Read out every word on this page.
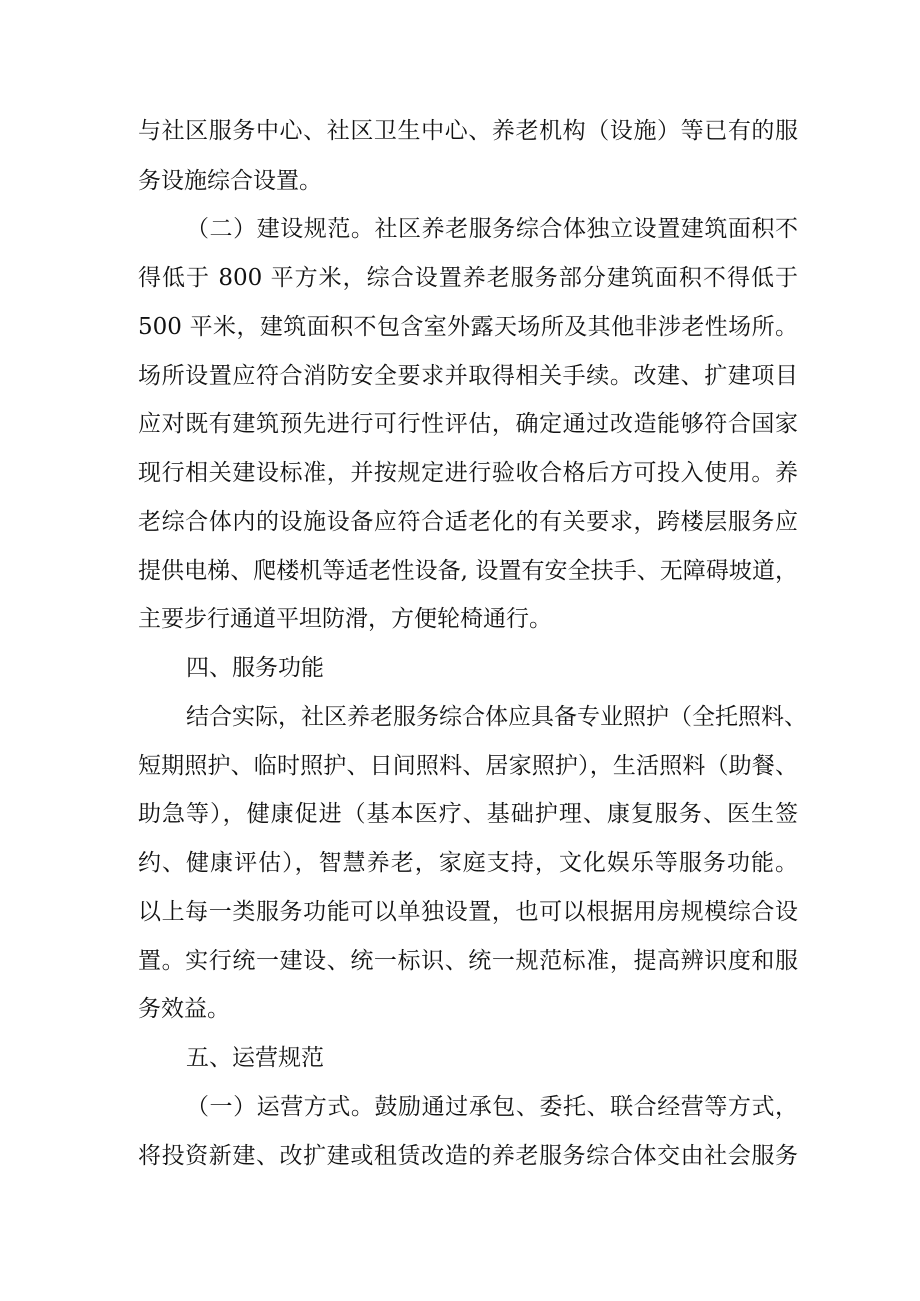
与社区服务中心、社区卫生中心、养老机构（设施）等已有的服
务设施综合设置。
（二）建设规范。社区养老服务综合体独立设置建筑面积不
得低于 800 平方米，综合设置养老服务部分建筑面积不得低于
500 平米，建筑面积不包含室外露天场所及其他非涉老性场所。
场所设置应符合消防安全要求并取得相关手续。改建、扩建项目
应对既有建筑预先进行可行性评估，确定通过改造能够符合国家
现行相关建设标准，并按规定进行验收合格后方可投入使用。养
老综合体内的设施设备应符合适老化的有关要求，跨楼层服务应
提供电梯、爬楼机等适老性设备, 设置有安全扶手、无障碍坡道，
主要步行通道平坦防滑，方便轮椅通行。
四、服务功能
结合实际，社区养老服务综合体应具备专业照护（全托照料、
短期照护、临时照护、日间照料、居家照护），生活照料（助餐、
助急等），健康促进（基本医疗、基础护理、康复服务、医生签
约、健康评估），智慧养老，家庭支持，文化娱乐等服务功能。
以上每一类服务功能可以单独设置，也可以根据用房规模综合设
置。实行统一建设、统一标识、统一规范标准，提高辨识度和服
务效益。
五、运营规范
（一）运营方式。鼓励通过承包、委托、联合经营等方式，
将投资新建、改扩建或租赁改造的养老服务综合体交由社会服务
